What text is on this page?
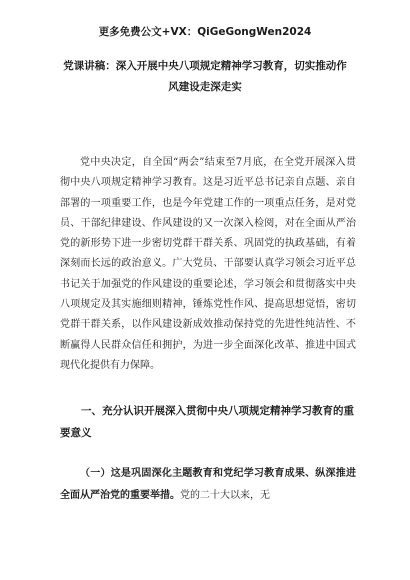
更多免费公文+VX：QiGeGongWen2024
党课讲稿：深入开展中央八项规定精神学习教育，切实推动作风建设走深走实

党中央决定，自全国“两会”结束至7月底，在全党开展深入贯彻中央八项规定精神学习教育。这是习近平总书记亲自点题、亲自部署的一项重要工作，也是今年党建工作的一项重点任务，是对党员、干部纪律建设、作风建设的又一次深入检阅，对在全面从严治党的新形势下进一步密切党群干群关系、巩固党的执政基础，有着深刻而长远的政治意义。广大党员、干部要认真学习领会习近平总书记关于加强党的作风建设的重要论述，学习领会和贯彻落实中央八项规定及其实施细则精神，锤炼党性作风、提高思想觉悟，密切党群干群关系，以作风建设新成效推动保持党的先进性纯洁性、不断赢得人民群众信任和拥护，为进一步全面深化改革、推进中国式现代化提供有力保障。

一、充分认识开展深入贯彻中央八项规定精神学习教育的重要意义

（一）这是巩固深化主题教育和党纪学习教育成果、纵深推进全面从严治党的重要举措。党的二十大以来，无
